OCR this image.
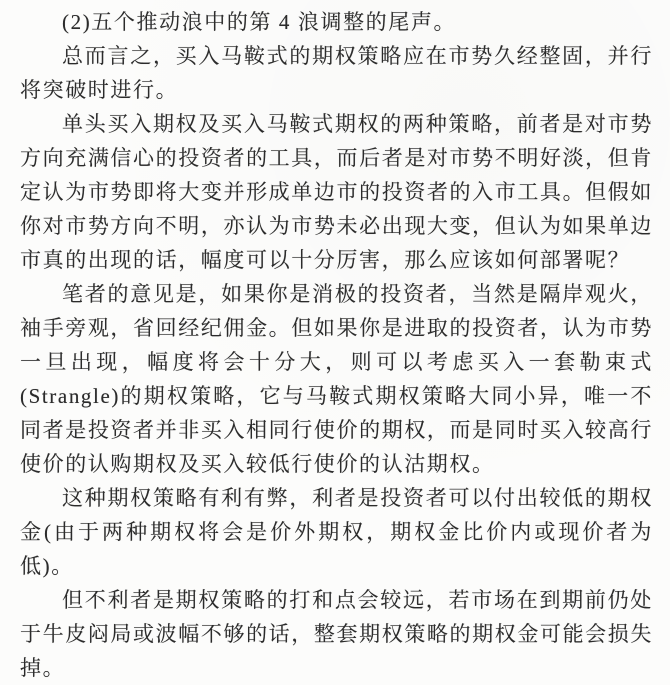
(2)五个推动浪中的第 4 浪调整的尾声。

总而言之，买入马鞍式的期权策略应在市势久经整固，并行将突破时进行。

单头买入期权及买入马鞍式期权的两种策略，前者是对市势方向充满信心的投资者的工具，而后者是对市势不明好淡，但肯定认为市势即将大变并形成单边市的投资者的入市工具。但假如你对市势方向不明，亦认为市势未必出现大变，但认为如果单边市真的出现的话，幅度可以十分厉害，那么应该如何部署呢？

笔者的意见是，如果你是消极的投资者，当然是隔岸观火，袖手旁观，省回经纪佣金。但如果你是进取的投资者，认为市势一旦出现，幅度将会十分大，则可以考虑买入一套勒束式(Strangle)的期权策略，它与马鞍式期权策略大同小异，唯一不同者是投资者并非买入相同行使价的期权，而是同时买入较高行使价的认购期权及买入较低行使价的认沽期权。

这种期权策略有利有弊，利者是投资者可以付出较低的期权金(由于两种期权将会是价外期权，期权金比价内或现价者为低)。

但不利者是期权策略的打和点会较远，若市场在到期前仍处于牛皮闷局或波幅不够的话，整套期权策略的期权金可能会损失掉。
